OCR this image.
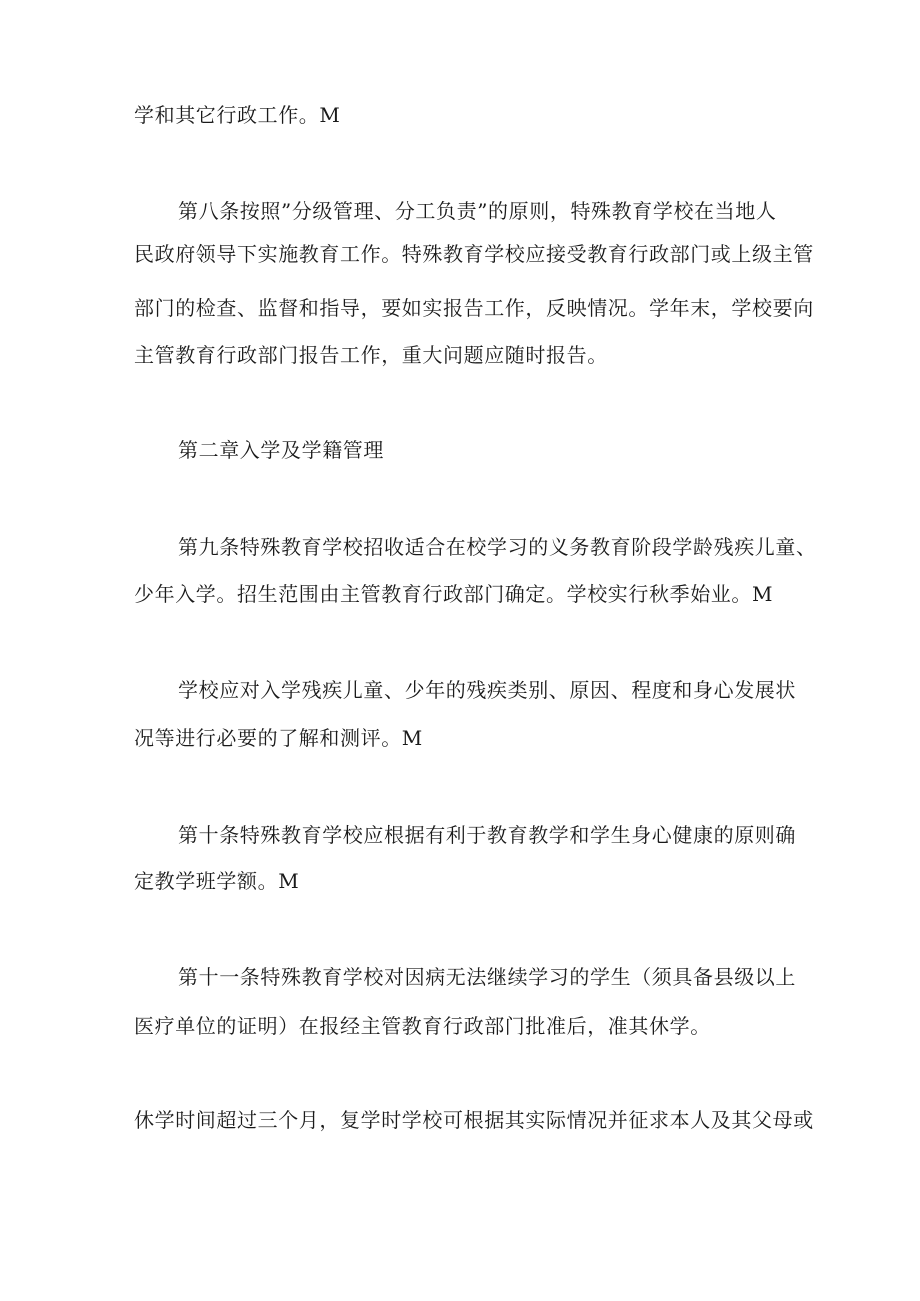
学和其它行政工作。M
第八条按照”分级管理、分工负责”的原则，特殊教育学校在当地人
民政府领导下实施教育工作。特殊教育学校应接受教育行政部门或上级主管
部门的检查、监督和指导，要如实报告工作，反映情况。学年末，学校要向
主管教育行政部门报告工作，重大问题应随时报告。
第二章入学及学籍管理
第九条特殊教育学校招收适合在校学习的义务教育阶段学龄残疾儿童、
少年入学。招生范围由主管教育行政部门确定。学校实行秋季始业。M
学校应对入学残疾儿童、少年的残疾类别、原因、程度和身心发展状
况等进行必要的了解和测评。M
第十条特殊教育学校应根据有利于教育教学和学生身心健康的原则确
定教学班学额。M
第十一条特殊教育学校对因病无法继续学习的学生（须具备县级以上
医疗单位的证明）在报经主管教育行政部门批准后，准其休学。
休学时间超过三个月，复学时学校可根据其实际情况并征求本人及其父母或
